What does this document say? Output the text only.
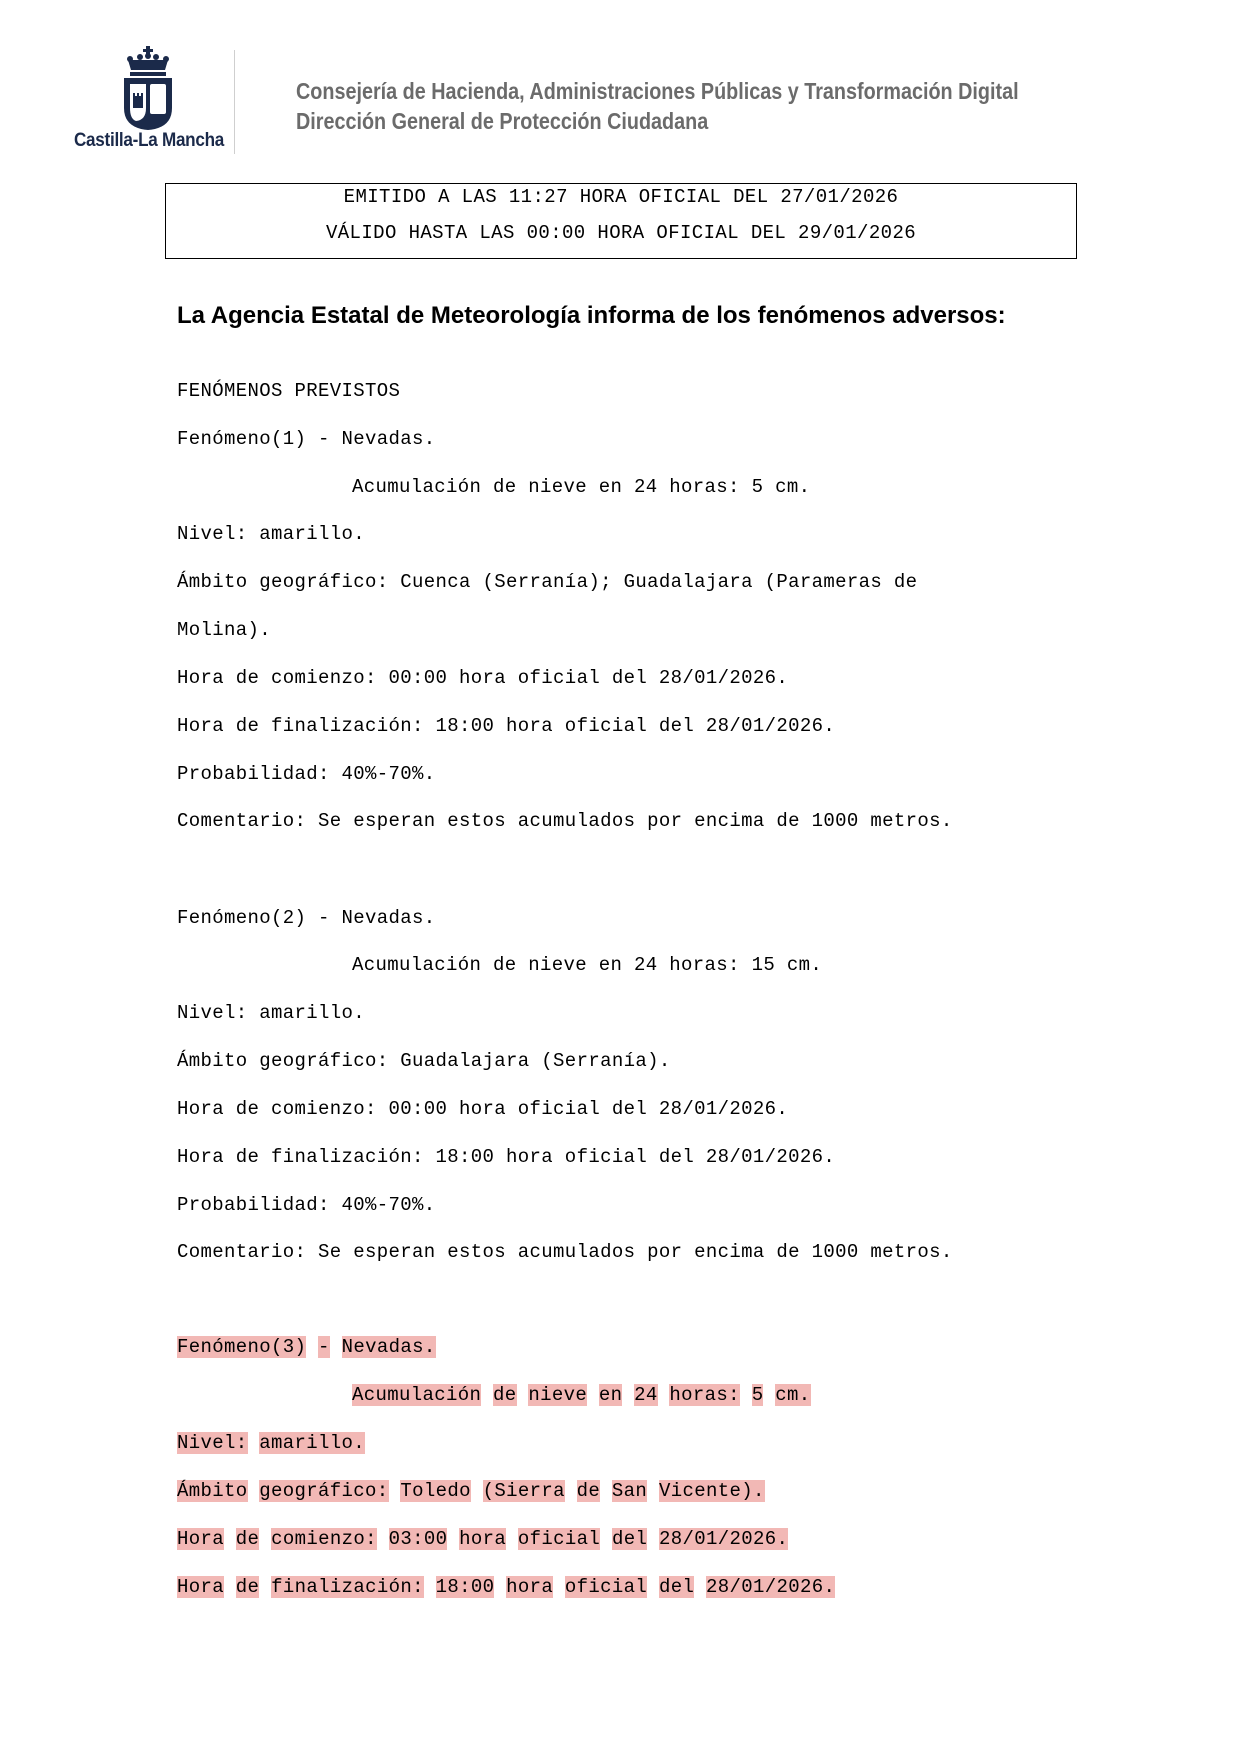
Castilla-La Mancha
Consejería de Hacienda, Administraciones Públicas y Transformación Digital
Dirección General de Protección Ciudadana
EMITIDO A LAS 11:27 HORA OFICIAL DEL 27/01/2026
VÁLIDO HASTA LAS 00:00 HORA OFICIAL DEL 29/01/2026
La Agencia Estatal de Meteorología informa de los fenómenos adversos:
FENÓMENOS PREVISTOS
Fenómeno(1) - Nevadas.
Acumulación de nieve en 24 horas: 5 cm.
Nivel: amarillo.
Ámbito geográfico: Cuenca (Serranía); Guadalajara (Parameras de
Molina).
Hora de comienzo: 00:00 hora oficial del 28/01/2026.
Hora de finalización: 18:00 hora oficial del 28/01/2026.
Probabilidad: 40%-70%.
Comentario: Se esperan estos acumulados por encima de 1000 metros.
Fenómeno(2) - Nevadas.
Acumulación de nieve en 24 horas: 15 cm.
Nivel: amarillo.
Ámbito geográfico: Guadalajara (Serranía).
Hora de comienzo: 00:00 hora oficial del 28/01/2026.
Hora de finalización: 18:00 hora oficial del 28/01/2026.
Probabilidad: 40%-70%.
Comentario: Se esperan estos acumulados por encima de 1000 metros.
Fenómeno(3) - Nevadas.
Acumulación de nieve en 24 horas: 5 cm.
Nivel: amarillo.
Ámbito geográfico: Toledo (Sierra de San Vicente).
Hora de comienzo: 03:00 hora oficial del 28/01/2026.
Hora de finalización: 18:00 hora oficial del 28/01/2026.
